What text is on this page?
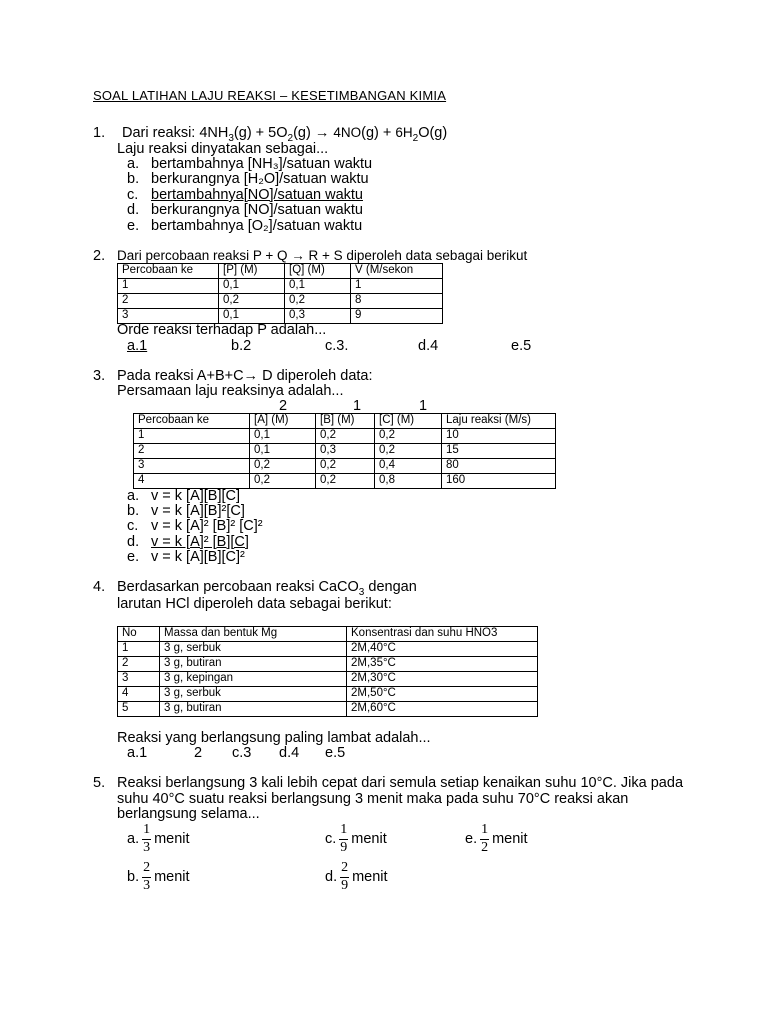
SOAL LATIHAN LAJU REAKSI – KESETIMBANGAN KIMIA
1. Dari reaksi: $4NH_3(g) + 5O_2(g) \to 4NO(g) + 6H_2O(g)$
Laju reaksi dinyatakan sebagai...
a. bertambahnya [NH₃]/satuan waktu
b. berkurangnya [H₂O]/satuan waktu
c. bertambahnya[NO]/satuan waktu
d. berkurangnya [NO]/satuan waktu
e. bertambahnya [O₂]/satuan waktu
2. Dari percobaan reaksi P + Q → R + S diperoleh data sebagai berikut
Percobaan ke	[P] (M)	[Q] (M)	V (M/sekon
1	0,1	0,1	1
2	0,2	0,2	8
3	0,1	0,3	9
Orde reaksi terhadap P adalah...
a.1	b.2	c.3.	d.4	e.5
3. Pada reaksi A+B+C→ D diperoleh data:
Persamaan laju reaksinya adalah...
2	1	1
Percobaan ke	[A] (M)	[B] (M)	[C] (M)	Laju reaksi (M/s)
1	0,1	0,2	0,2	10
2	0,1	0,3	0,2	15
3	0,2	0,2	0,4	80
4	0,2	0,2	0,8	160
a. v = k [A][B][C]
b. v = k [A][B]²[C]
c. v = k [A]² [B]² [C]²
d. v = k [A]² [B][C]
e. v = k [A][B][C]²
4. Berdasarkan percobaan reaksi CaCO$_3$ dengan
larutan HCl diperoleh data sebagai berikut:
No	Massa dan bentuk Mg	Konsentrasi dan suhu HNO3
1	3 g, serbuk	2M,40°C
2	3 g, butiran	2M,35°C
3	3 g, kepingan	2M,30°C
4	3 g, serbuk	2M,50°C
5	3 g, butiran	2M,60°C
Reaksi yang berlangsung paling lambat adalah...
a.1	2 c.3 d.4 e.5
5. Reaksi berlangsung 3 kali lebih cepat dari semula setiap kenaikan suhu 10°C. Jika pada
suhu 40°C suatu reaksi berlangsung 3 menit maka pada suhu 70°C reaksi akan
berlangsung selama...
a. $\frac{1}{3}$ menit	c. $\frac{1}{9}$ menit	e. $\frac{1}{2}$ menit
b. $\frac{2}{3}$ menit	d. $\frac{2}{9}$ menit
